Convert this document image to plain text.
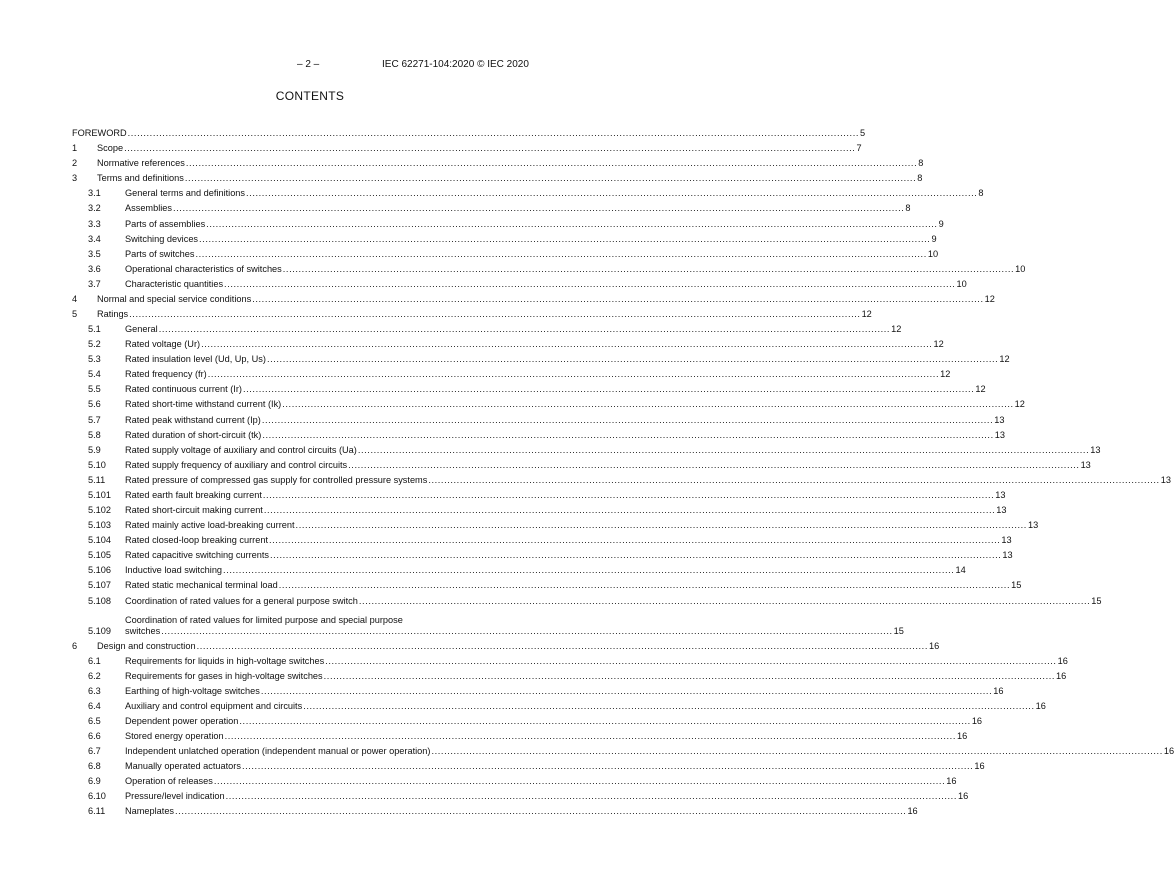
– 2 –	IEC 62271-104:2020 © IEC 2020
CONTENTS
FOREWORD .....	5
1	Scope .....	7
2	Normative references .....	8
3	Terms and definitions .....	8
3.1	General terms and definitions .....	8
3.2	Assemblies .....	8
3.3	Parts of assemblies .....	9
3.4	Switching devices .....	9
3.5	Parts of switches .....	10
3.6	Operational characteristics of switches .....	10
3.7	Characteristic quantities .....	10
4	Normal and special service conditions .....	12
5	Ratings .....	12
5.1	General .....	12
5.2	Rated voltage (Ur) .....	12
5.3	Rated insulation level (Ud, Up, Us) .....	12
5.4	Rated frequency (fr) .....	12
5.5	Rated continuous current (Ir) .....	12
5.6	Rated short-time withstand current (Ik) .....	12
5.7	Rated peak withstand current (Ip) .....	13
5.8	Rated duration of short-circuit (tk) .....	13
5.9	Rated supply voltage of auxiliary and control circuits (Ua) .....	13
5.10	Rated supply frequency of auxiliary and control circuits .....	13
5.11	Rated pressure of compressed gas supply for controlled pressure systems .....	13
5.101	Rated earth fault breaking current .....	13
5.102	Rated short-circuit making current .....	13
5.103	Rated mainly active load-breaking current .....	13
5.104	Rated closed-loop breaking current .....	13
5.105	Rated capacitive switching currents .....	13
5.106	Inductive load switching .....	14
5.107	Rated static mechanical terminal load .....	15
5.108	Coordination of rated values for a general purpose switch .....	15
5.109
Coordination of rated values for limited purpose and special purpose
switches .....	15
6	Design and construction .....	16
6.1	Requirements for liquids in high-voltage switches .....	16
6.2	Requirements for gases in high-voltage switches .....	16
6.3	Earthing of high-voltage switches .....	16
6.4	Auxiliary and control equipment and circuits .....	16
6.5	Dependent power operation .....	16
6.6	Stored energy operation .....	16
6.7	Independent unlatched operation (independent manual or power operation) .....	16
6.8	Manually operated actuators .....	16
6.9	Operation of releases .....	16
6.10	Pressure/level indication .....	16
6.11	Nameplates .....	16
